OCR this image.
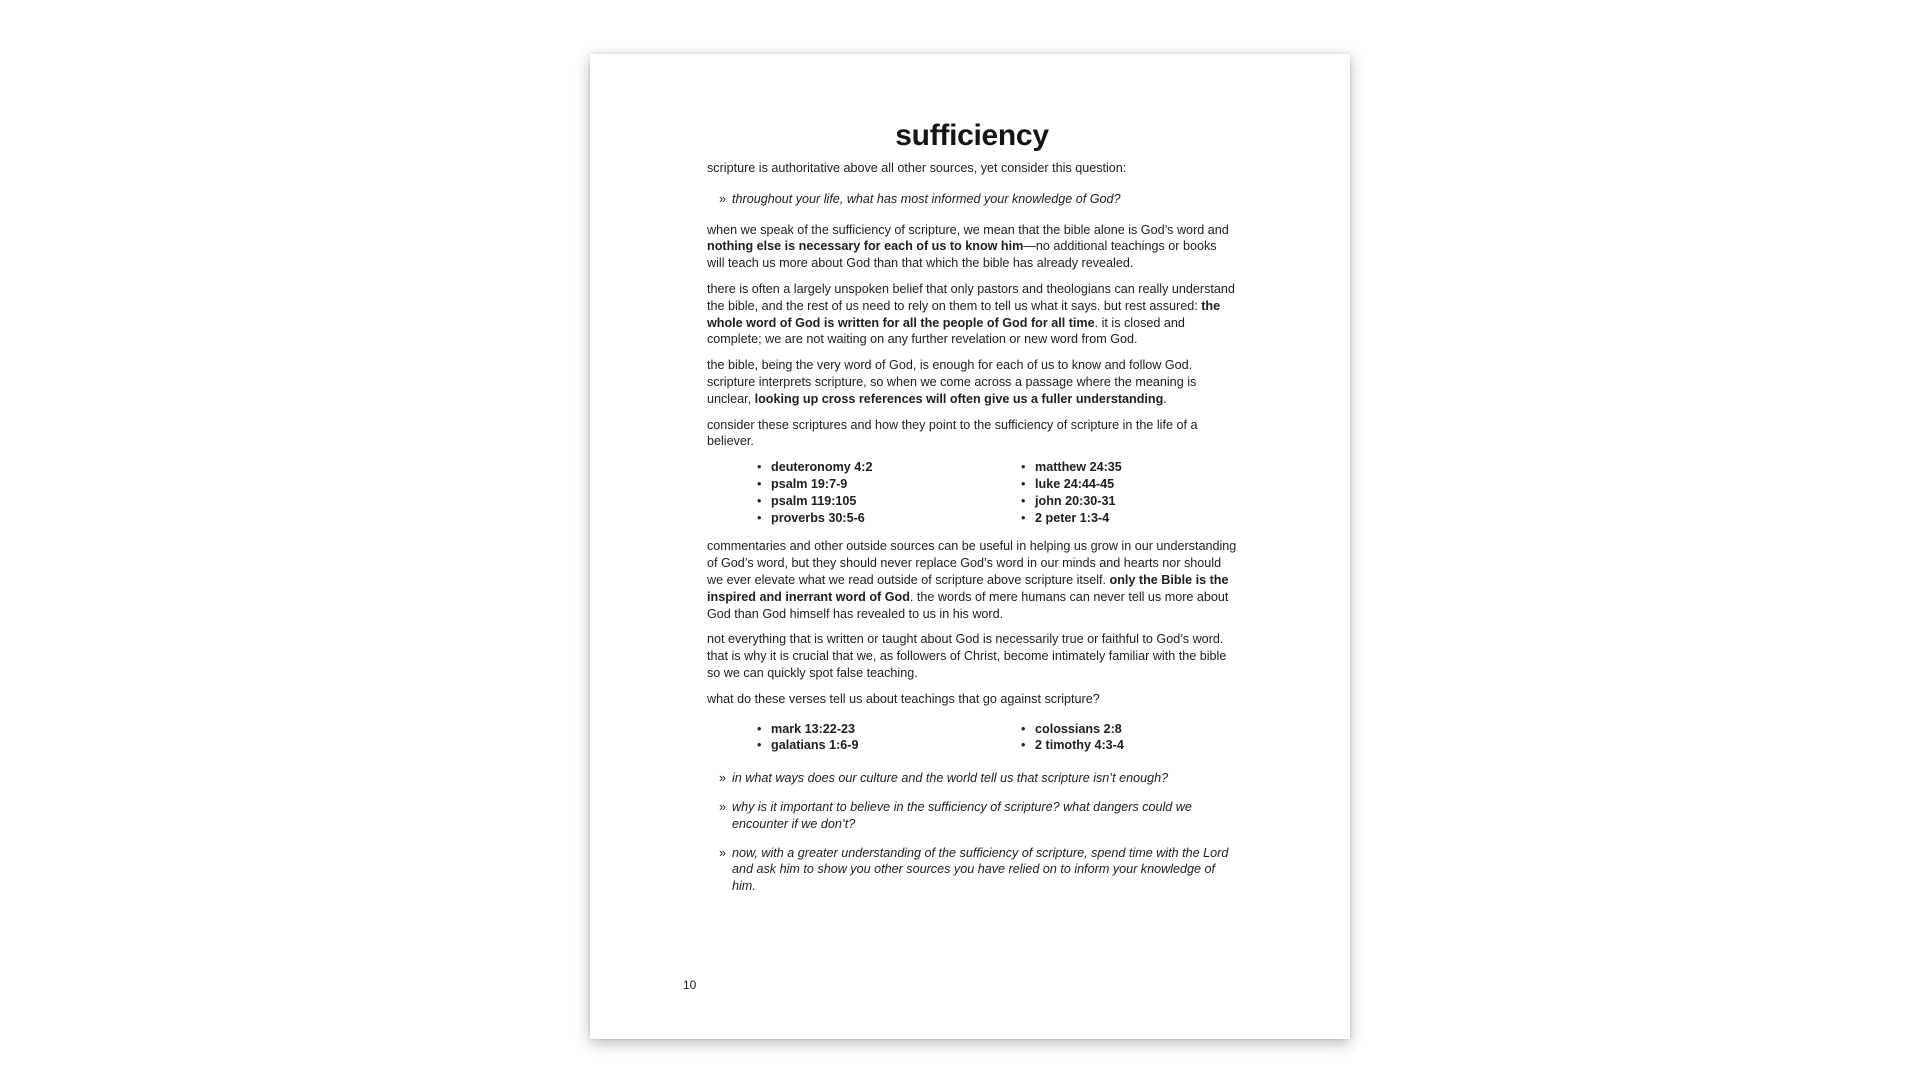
sufficiency

scripture is authoritative above all other sources, yet consider this question:

» throughout your life, what has most informed your knowledge of God?

when we speak of the sufficiency of scripture, we mean that the bible alone is God’s word and nothing else is necessary for each of us to know him—no additional teachings or books will teach us more about God than that which the bible has already revealed.

there is often a largely unspoken belief that only pastors and theologians can really understand the bible, and the rest of us need to rely on them to tell us what it says. but rest assured: the whole word of God is written for all the people of God for all time. it is closed and complete; we are not waiting on any further revelation or new word from God.

the bible, being the very word of God, is enough for each of us to know and follow God. scripture interprets scripture, so when we come across a passage where the meaning is unclear, looking up cross references will often give us a fuller understanding.

consider these scriptures and how they point to the sufficiency of scripture in the life of a believer.

• deuteronomy 4:2	• matthew 24:35
• psalm 19:7-9	• luke 24:44-45
• psalm 119:105	• john 20:30-31
• proverbs 30:5-6	• 2 peter 1:3-4

commentaries and other outside sources can be useful in helping us grow in our understanding of God’s word, but they should never replace God’s word in our minds and hearts nor should we ever elevate what we read outside of scripture above scripture itself. only the Bible is the inspired and inerrant word of God. the words of mere humans can never tell us more about God than God himself has revealed to us in his word.

not everything that is written or taught about God is necessarily true or faithful to God’s word. that is why it is crucial that we, as followers of Christ, become intimately familiar with the bible so we can quickly spot false teaching.

what do these verses tell us about teachings that go against scripture?

• mark 13:22-23	• colossians 2:8
• galatians 1:6-9	• 2 timothy 4:3-4
» in what ways does our culture and the world tell us that scripture isn’t enough?
» why is it important to believe in the sufficiency of scripture? what dangers could we encounter if we don’t?
» now, with a greater understanding of the sufficiency of scripture, spend time with the Lord and ask him to show you other sources you have relied on to inform your knowledge of him.
10
